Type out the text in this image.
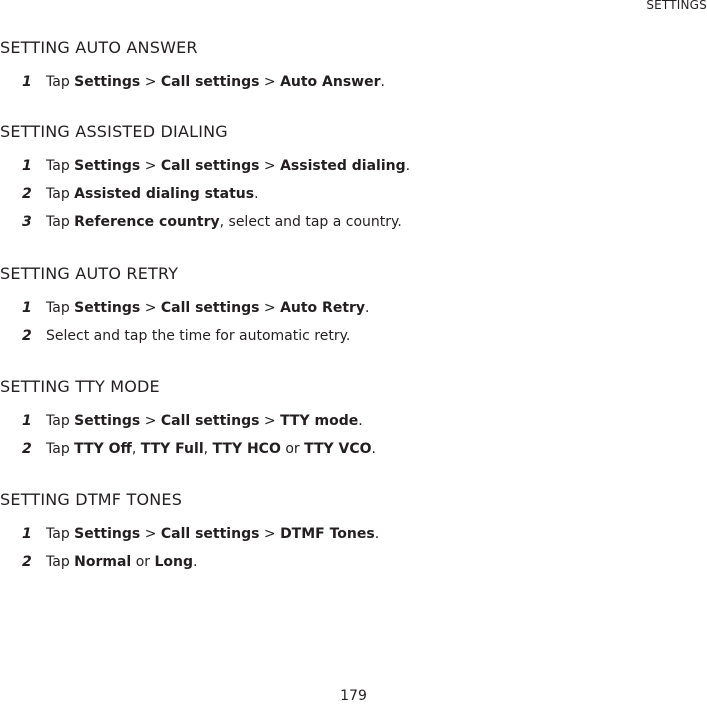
SETTINGS
SETTING AUTO ANSWER
1 Tap Settings > Call settings > Auto Answer.
SETTING ASSISTED DIALING
1 Tap Settings > Call settings > Assisted dialing.
2 Tap Assisted dialing status.
3 Tap Reference country, select and tap a country.
SETTING AUTO RETRY
1 Tap Settings > Call settings > Auto Retry.
2 Select and tap the time for automatic retry.
SETTING TTY MODE
1 Tap Settings > Call settings > TTY mode.
2 Tap TTY Off, TTY Full, TTY HCO or TTY VCO.
SETTING DTMF TONES
1 Tap Settings > Call settings > DTMF Tones.
2 Tap Normal or Long.
179
